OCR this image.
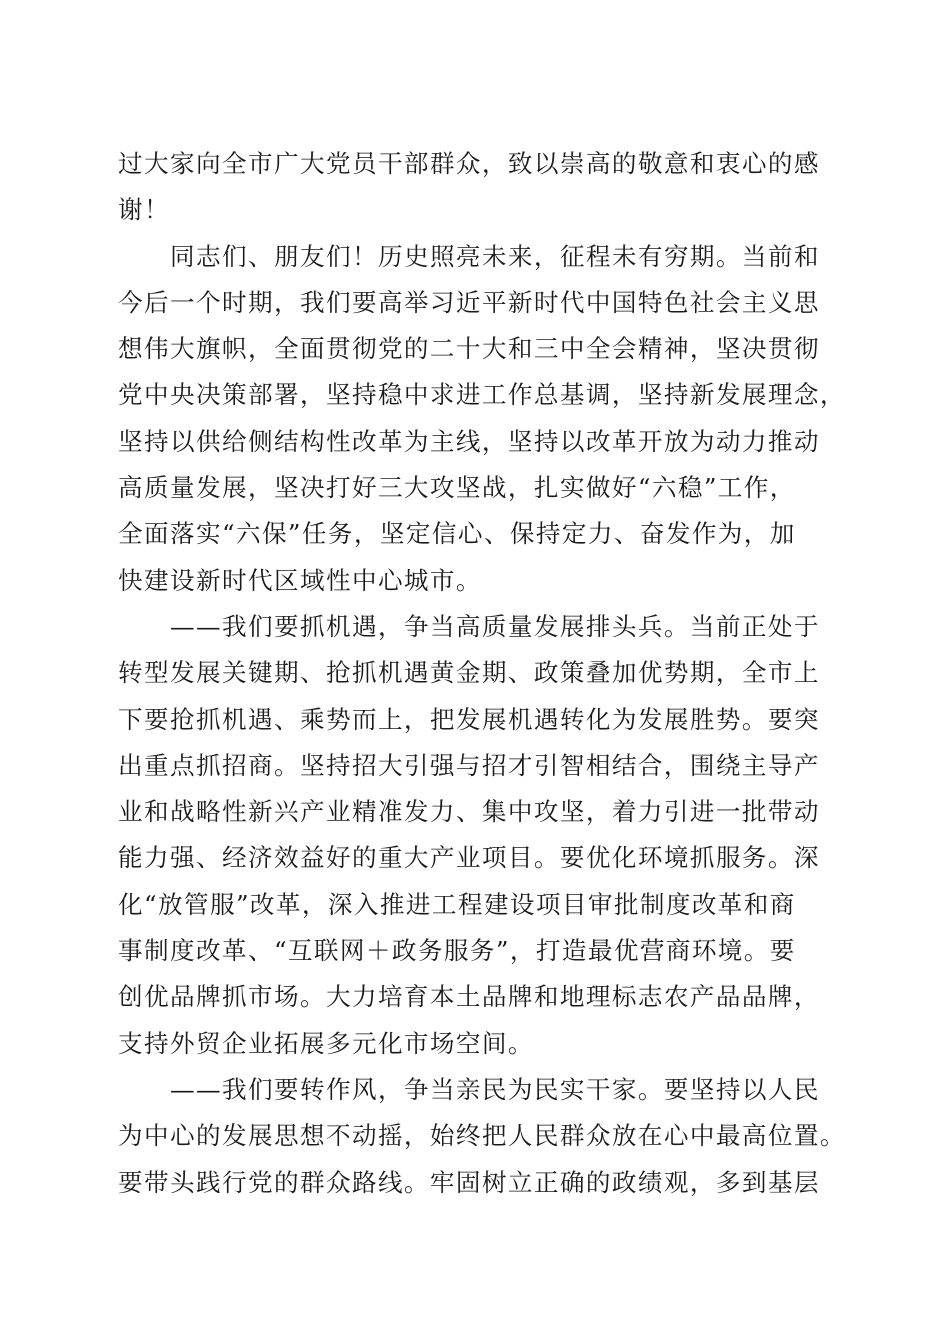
过大家向全市广大党员干部群众，致以崇高的敬意和衷心的感
谢！
同志们、朋友们！历史照亮未来，征程未有穷期。当前和
今后一个时期，我们要高举习近平新时代中国特色社会主义思
想伟大旗帜，全面贯彻党的二十大和三中全会精神，坚决贯彻
党中央决策部署，坚持稳中求进工作总基调，坚持新发展理念，
坚持以供给侧结构性改革为主线，坚持以改革开放为动力推动
高质量发展，坚决打好三大攻坚战，扎实做好“六稳”工作，
全面落实“六保”任务，坚定信心、保持定力、奋发作为，加
快建设新时代区域性中心城市。
——我们要抓机遇，争当高质量发展排头兵。当前正处于
转型发展关键期、抢抓机遇黄金期、政策叠加优势期，全市上
下要抢抓机遇、乘势而上，把发展机遇转化为发展胜势。要突
出重点抓招商。坚持招大引强与招才引智相结合，围绕主导产
业和战略性新兴产业精准发力、集中攻坚，着力引进一批带动
能力强、经济效益好的重大产业项目。要优化环境抓服务。深
化“放管服”改革，深入推进工程建设项目审批制度改革和商
事制度改革、“互联网＋政务服务”，打造最优营商环境。要
创优品牌抓市场。大力培育本土品牌和地理标志农产品品牌，
支持外贸企业拓展多元化市场空间。
——我们要转作风，争当亲民为民实干家。要坚持以人民
为中心的发展思想不动摇，始终把人民群众放在心中最高位置。
要带头践行党的群众路线。牢固树立正确的政绩观，多到基层
